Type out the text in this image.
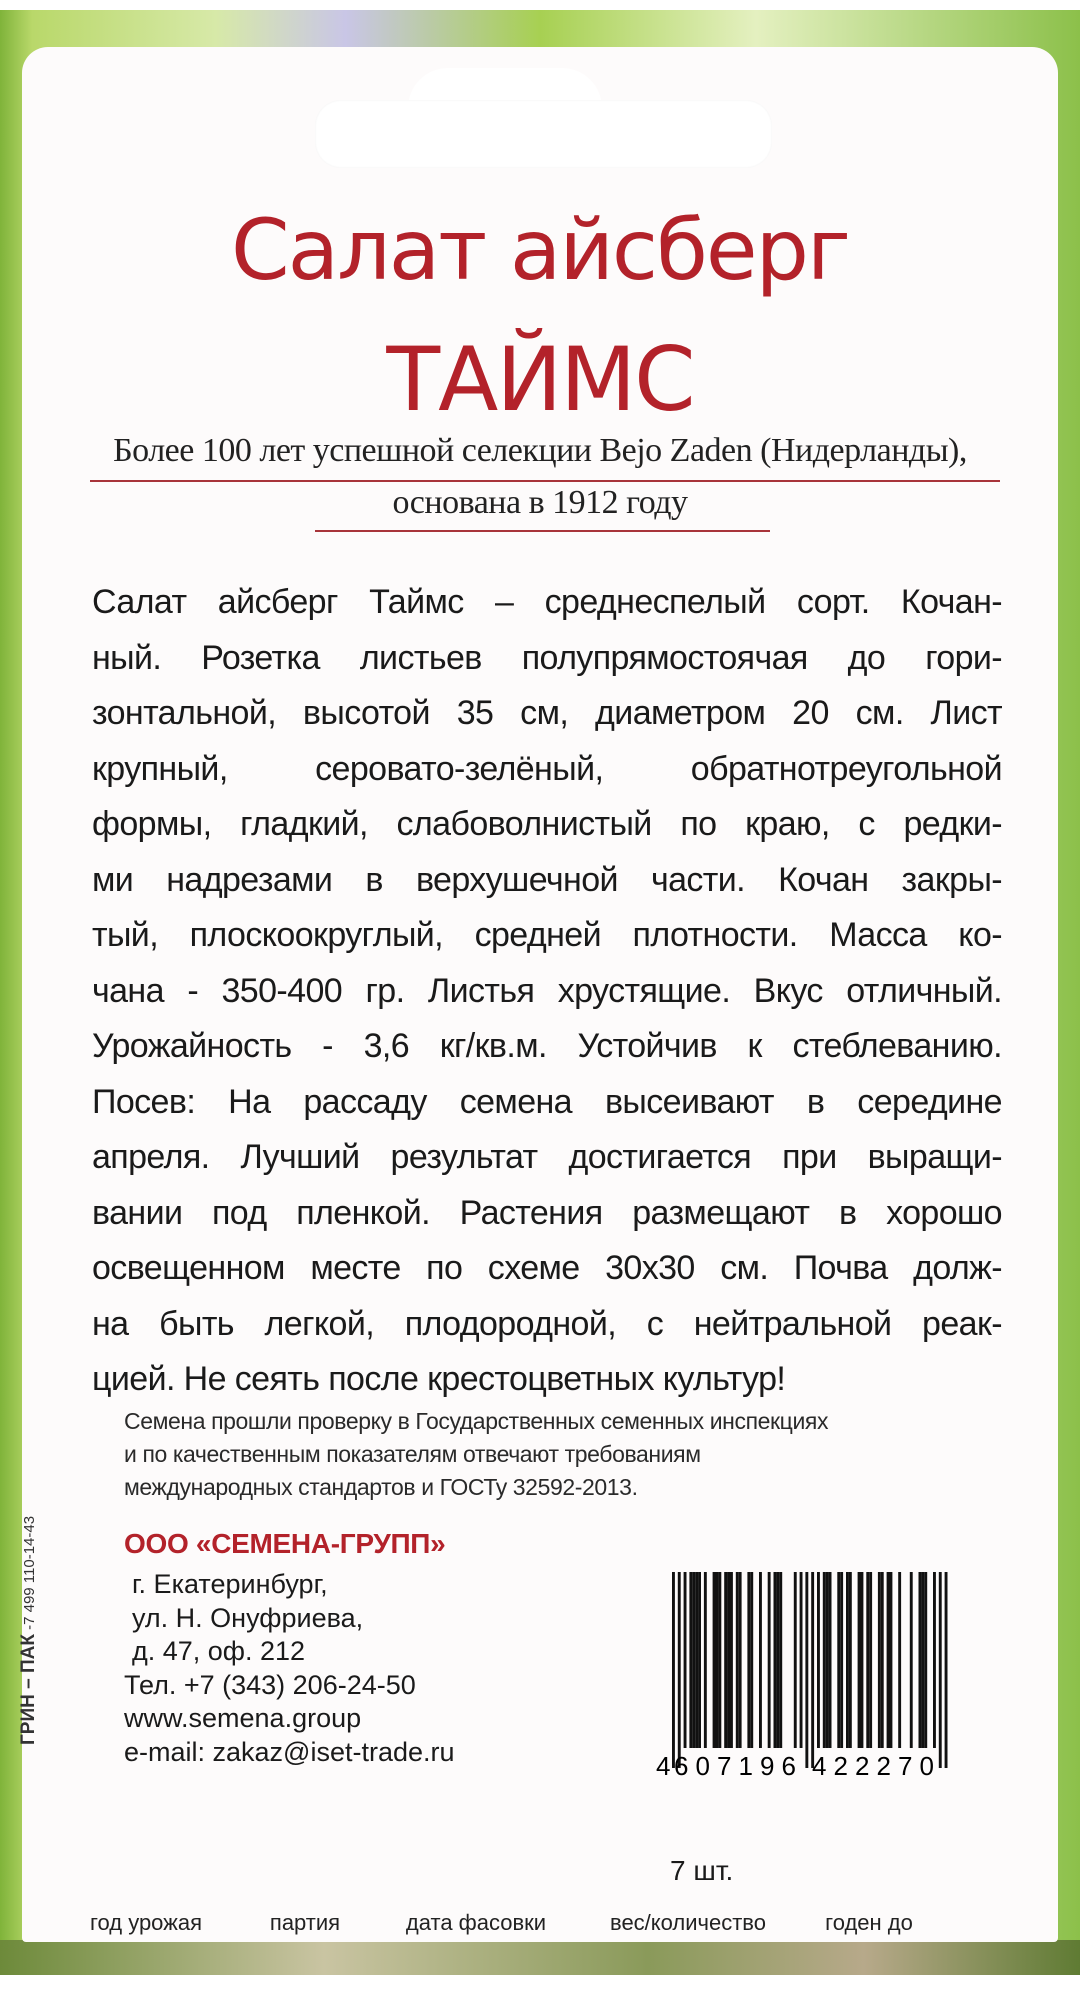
Салат айсберг
ТАЙМС
Более 100 лет успешной селекции Bejo Zaden (Нидерланды),
основана в 1912 году
Салат айсберг Таймс – среднеспелый сорт. Кочан-
ный. Розетка листьев полупрямостоячая до гори-
зонтальной, высотой 35 см, диаметром 20 см. Лист
крупный, серовато-зелёный, обратнотреугольной
формы, гладкий, слабоволнистый по краю, с редки-
ми надрезами в верхушечной части. Кочан закры-
тый, плоскоокруглый, средней плотности. Масса ко-
чана - 350-400 гр. Листья хрустящие. Вкус отличный.
Урожайность - 3,6 кг/кв.м. Устойчив к стеблеванию.
Посев: На рассаду семена высеивают в середине
апреля. Лучший результат достигается при выращи-
вании под пленкой. Растения размещают в хорошо
освещенном месте по схеме 30х30 см. Почва долж-
на быть легкой, плодородной, с нейтральной реак-
цией. Не сеять после крестоцветных культур!
Семена прошли проверку в Государственных семенных инспекциях
и по качественным показателям отвечают требованиям
международных стандартов и ГОСТу 32592-2013.
ООО «СЕМЕНА-ГРУПП»
г. Екатеринбург,
ул. Н. Онуфриева,
д. 47, оф. 212
Тел. +7 (343) 206-24-50
www.semena.group
e-mail: zakaz@iset-trade.ru
ГРИН – ПАК -7 499 110-14-43
4 607196 422270
7 шт.
год урожая	партия	дата фасовки	вес/количество	годен до
